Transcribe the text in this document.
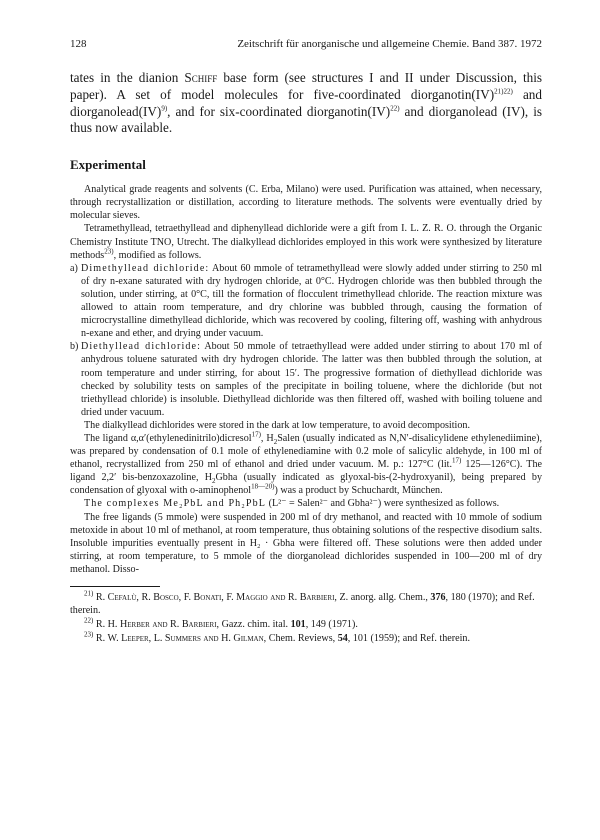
128	Zeitschrift für anorganische und allgemeine Chemie. Band 387. 1972
tates in the dianion Schiff base form (see structures I and II under Discussion, this paper). A set of model molecules for five-coordinated diorganotin(IV)$^{21)22)}$ and diorganolead(IV)$^{9)}$, and for six-coordinated diorganotin(IV)$^{22)}$ and diorganolead (IV), is thus now available.
Experimental

Analytical grade reagents and solvents (C. Erba, Milano) were used. Purification was attained, when necessary, through recrystallization or distillation, according to literature methods. The solvents were eventually dried by molecular sieves.

Tetramethyllead, tetraethyllead and diphenyllead dichloride were a gift from I. L. Z. R. O. through the Organic Chemistry Institute TNO, Utrecht. The dialkyllead dichlorides employed in this work were synthesized by literature methods$^{23)}$, modified as follows.

a) Dimethyllead dichloride: About 60 mmole of tetramethyllead were slowly added under stirring to 250 ml of dry n-exane saturated with dry hydrogen chloride, at 0°C. Hydrogen chloride was then bubbled through the solution, under stirring, at 0°C, till the formation of flocculent trimethyllead chloride. The reaction mixture was allowed to attain room temperature, and dry chlorine was bubbled through, causing the formation of microcrystalline dimethyllead dichloride, which was recovered by cooling, filtering off, washing with anhydrous n-exane and ether, and drying under vacuum.
b) Diethyllead dichloride: About 50 mmole of tetraethyllead were added under stirring to about 170 ml of anhydrous toluene saturated with dry hydrogen chloride. The latter was then bubbled through the solution, at room temperature and under stirring, for about 15′. The progressive formation of diethyllead dichloride was checked by solubility tests on samples of the precipitate in boiling toluene, where the dichloride (but not triethyllead chloride) is insoluble. Diethyllead dichloride was then filtered off, washed with boiling toluene and dried under vacuum.

The dialkyllead dichlorides were stored in the dark at low temperature, to avoid decomposition.

The ligand α,α′(ethylenedinitrilo)dicresol$^{17)}$, $H_2Salen$ (usually indicated as N,N′-disalicylidene ethylenediimine), was prepared by condensation of 0.1 mole of ethylenediamine with 0.2 mole of salicylic aldehyde, in 100 ml of ethanol, recrystallized from 250 ml of ethanol and dried under vacuum. M. p.: 127°C (lit.$^{17)}$ 125—126°C). The ligand 2,2′ bis-benzoxazoline, $H_2Gbha$ (usually indicated as glyoxal-bis-(2-hydroxyanil), being prepared by condensation of glyoxal with o-aminophenol$^{18—20)}$) was a product by Schuchardt, München.

The complexes Me₂PbL and Ph₂PbL (L²⁻ = Salen²⁻ and Gbha²⁻) were synthesized as follows.

The free ligands (5 mmole) were suspended in 200 ml of dry methanol, and reacted with 10 mmole of sodium metoxide in about 10 ml of methanol, at room temperature, thus obtaining solutions of the respective disodium salts. Insoluble impurities eventually present in H₂ · Gbha were filtered off. These solutions were then added under stirring, at room temperature, to 5 mmole of the diorganolead dichlorides suspended in 100—200 ml of dry methanol. Disso-

$^{21)}$ R. Cefalù, R. Bosco, F. Bonati, F. Maggio and R. Barbieri, Z. anorg. allg. Chem., 376, 180 (1970); and Ref. therein.
$^{22)}$ R. H. Herber and R. Barbieri, Gazz. chim. ital. 101, 149 (1971).
$^{23)}$ R. W. Leeper, L. Summers and H. Gilman, Chem. Reviews, 54, 101 (1959); and Ref. therein.
